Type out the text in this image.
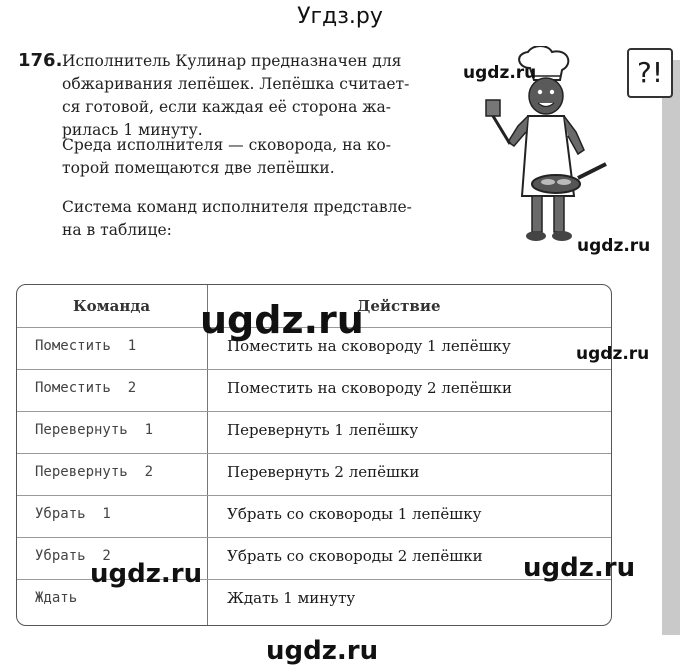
Угдз.ру
176. Исполнитель Кулинар предназначен для
обжаривания лепёшек. Лепёшка считает-
ся готовой, если каждая её сторона жа-
рилась 1 минуту.
Среда исполнителя — сковорода, на ко-
торой помещаются две лепёшки.
Система команд исполнителя представле-
на в таблице:
?!
ugdz.ru
ugdz.ru
Команда	Действие
Поместить  1	Поместить на сковороду 1 лепёшку
Поместить  2	Поместить на сковороду 2 лепёшки
Перевернуть  1	Перевернуть 1 лепёшку
Перевернуть  2	Перевернуть 2 лепёшки
Убрать  1	Убрать со сковороды 1 лепёшку
Убрать  2	Убрать со сковороды 2 лепёшки
Ждать	Ждать 1 минуту
ugdz.ru
ugdz.ru
ugdz.ru	ugdz.ru
ugdz.ru
